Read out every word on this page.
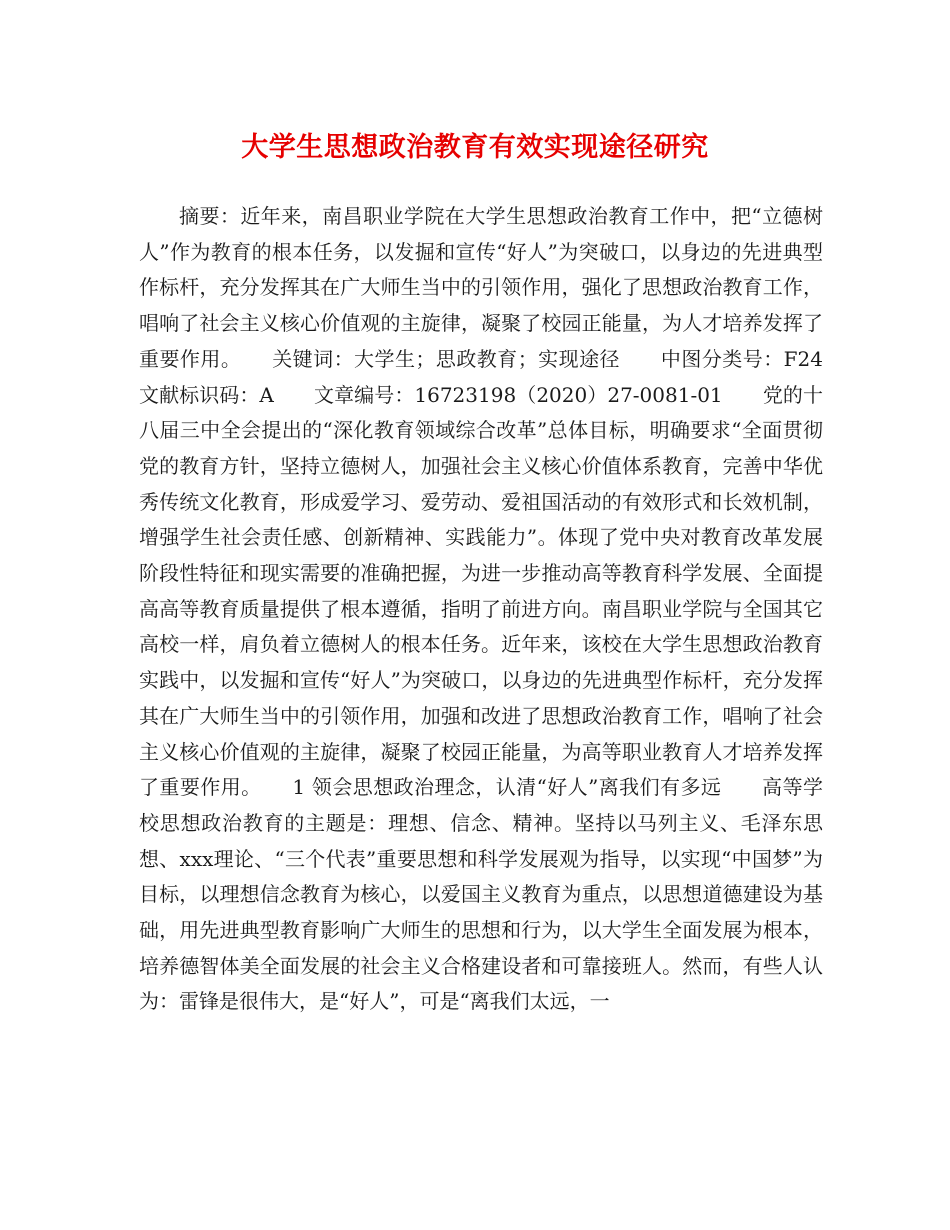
大学生思想政治教育有效实现途径研究

摘要：近年来，南昌职业学院在大学生思想政治教育工作中，把“立德树人”作为教育的根本任务，以发掘和宣传“好人”为突破口，以身边的先进典型作标杆，充分发挥其在广大师生当中的引领作用，强化了思想政治教育工作，唱响了社会主义核心价值观的主旋律，凝聚了校园正能量，为人才培养发挥了重要作用。　　关键词：大学生；思政教育；实现途径　　中图分类号：F24　　文献标识码：A　　文章编号：16723198（2020）27-0081-01　　党的十八届三中全会提出的“深化教育领域综合改革”总体目标，明确要求“全面贯彻党的教育方针，坚持立德树人，加强社会主义核心价值体系教育，完善中华优秀传统文化教育，形成爱学习、爱劳动、爱祖国活动的有效形式和长效机制，增强学生社会责任感、创新精神、实践能力”。体现了党中央对教育改革发展阶段性特征和现实需要的准确把握，为进一步推动高等教育科学发展、全面提高高等教育质量提供了根本遵循，指明了前进方向。南昌职业学院与全国其它高校一样，肩负着立德树人的根本任务。近年来，该校在大学生思想政治教育实践中，以发掘和宣传“好人”为突破口，以身边的先进典型作标杆，充分发挥其在广大师生当中的引领作用，加强和改进了思想政治教育工作，唱响了社会主义核心价值观的主旋律，凝聚了校园正能量，为高等职业教育人才培养发挥了重要作用。　　1 领会思想政治理念，认清“好人”离我们有多远　　高等学校思想政治教育的主题是：理想、信念、精神。坚持以马列主义、毛泽东思想、xxx理论、“三个代表”重要思想和科学发展观为指导，以实现“中国梦”为目标，以理想信念教育为核心，以爱国主义教育为重点，以思想道德建设为基础，用先进典型教育影响广大师生的思想和行为，以大学生全面发展为根本，培养德智体美全面发展的社会主义合格建设者和可靠接班人。然而，有些人认为：雷锋是很伟大，是“好人”，可是“离我们太远，一
